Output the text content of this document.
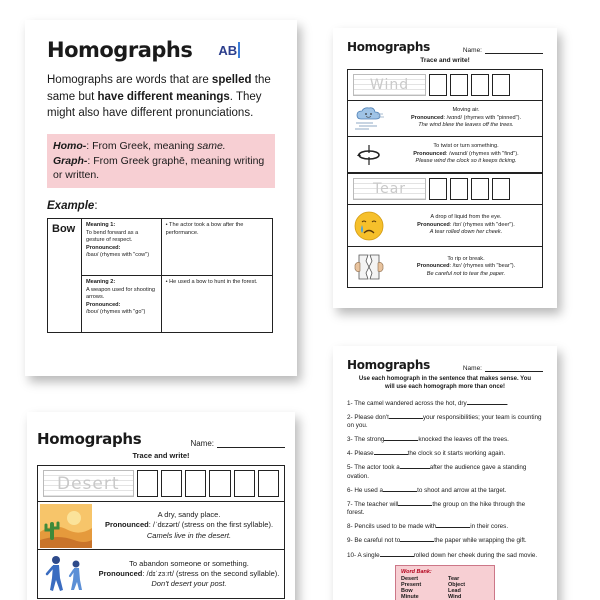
Homographs AB

Homographs are words that are spelled the same but have different meanings. They might also have different pronunciations.

Homo-: From Greek, meaning same.
Graph-: From Greek graphē, meaning writing or written.
Example:
Bow	Meaning 1:
To bend forward as a gesture of respect.
Pronounced:
/baʊ/ (rhymes with "cow")	• The actor took a bow after the performance.
	Meaning 2:
A weapon used for shooting arrows.
Pronounced:
/boʊ/ (rhymes with "go")	• He used a bow to hunt in the forest.
Homographs	Name:
Trace and write!
Wind
Moving air.
Pronounced: /wɪnd/ (rhymes with "pinned").
The wind blew the leaves off the trees.
To twist or turn something.
Pronounced: /waɪnd/ (rhymes with "find").
Please wind the clock so it keeps ticking.
Tear
A drop of liquid from the eye.
Pronounced: /tɪr/ (rhymes with "deer").
A tear rolled down her cheek.
To rip or break.
Pronounced: /tɛr/ (rhymes with "bear").
Be careful not to tear the paper.
Homographs	Name:
Use each homograph in the sentence that makes sense. You
will use each homograph more than once!
1- The camel wandered across the hot, dry	.
2- Please don't	your responsibilities; your team is counting on you.
3- The strong	knocked the leaves off the trees.
4- Please	the clock so it starts working again.
5- The actor took a	after the audience gave a standing ovation.
6- He used a	to shoot and arrow at the target.
7- The teacher will	the group on the hike through the forest.
8- Pencils used to be made with	in their cores.
9- Be careful not to	the paper while wrapping the gift.
10- A single	rolled down her cheek during the sad movie.
Word Bank:
Desert	Tear
Present	Object
Bow	Lead
Minute	Wind
Homographs	Name:
Trace and write!
Desert
A dry, sandy place.
Pronounced: /ˈdɛzərt/ (stress on the first syllable).
Camels live in the desert.
To abandon someone or something.
Pronounced: /dɪˈzɜːrt/ (stress on the second syllable).
Don't desert your post.
